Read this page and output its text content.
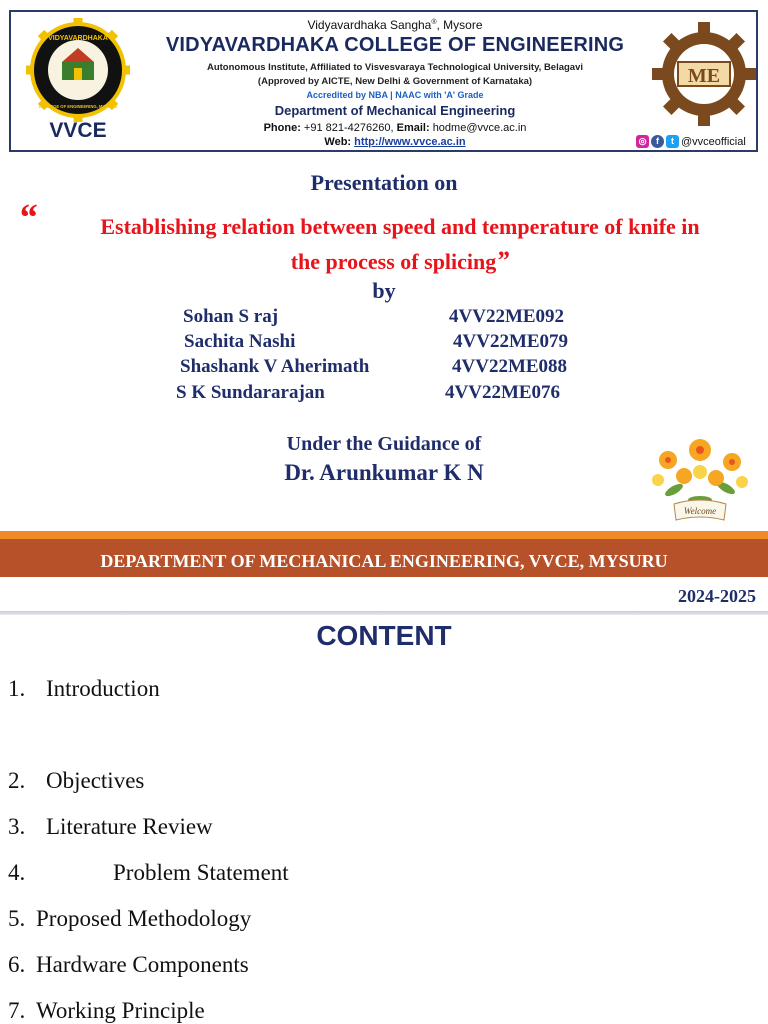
VIDYAVARDHAKA
COLLEGE OF ENGINEERING, MYSURU
VVCE
Vidyavardhaka Sangha®, Mysore
VIDYAVARDHAKA COLLEGE OF ENGINEERING
Autonomous Institute, Affiliated to Visvesvaraya Technological University, Belagavi
(Approved by AICTE, New Delhi & Government of Karnataka)
Accredited by NBA | NAAC with 'A' Grade
Department of Mechanical Engineering
Phone: +91 821-4276260, Email: hodme@vvce.ac.in
Web: http://www.vvce.ac.in
ME
◎	f	t @vvceofficial
Presentation on
“	Establishing relation between speed and temperature of knife in
the process of splicing”
by
Sohan S raj	4VV22ME092
Sachita Nashi	4VV22ME079
Shashank V Aherimath	4VV22ME088
S K Sundararajan	4VV22ME076
Under the Guidance of
Dr. Arunkumar K N
Welcome
DEPARTMENT OF MECHANICAL ENGINEERING, VVCE, MYSURU
2024-2025
CONTENT
1. Introduction
2. Objectives
3. Literature Review
4.	Problem Statement
5. Proposed Methodology
6. Hardware Components
7. Working Principle
